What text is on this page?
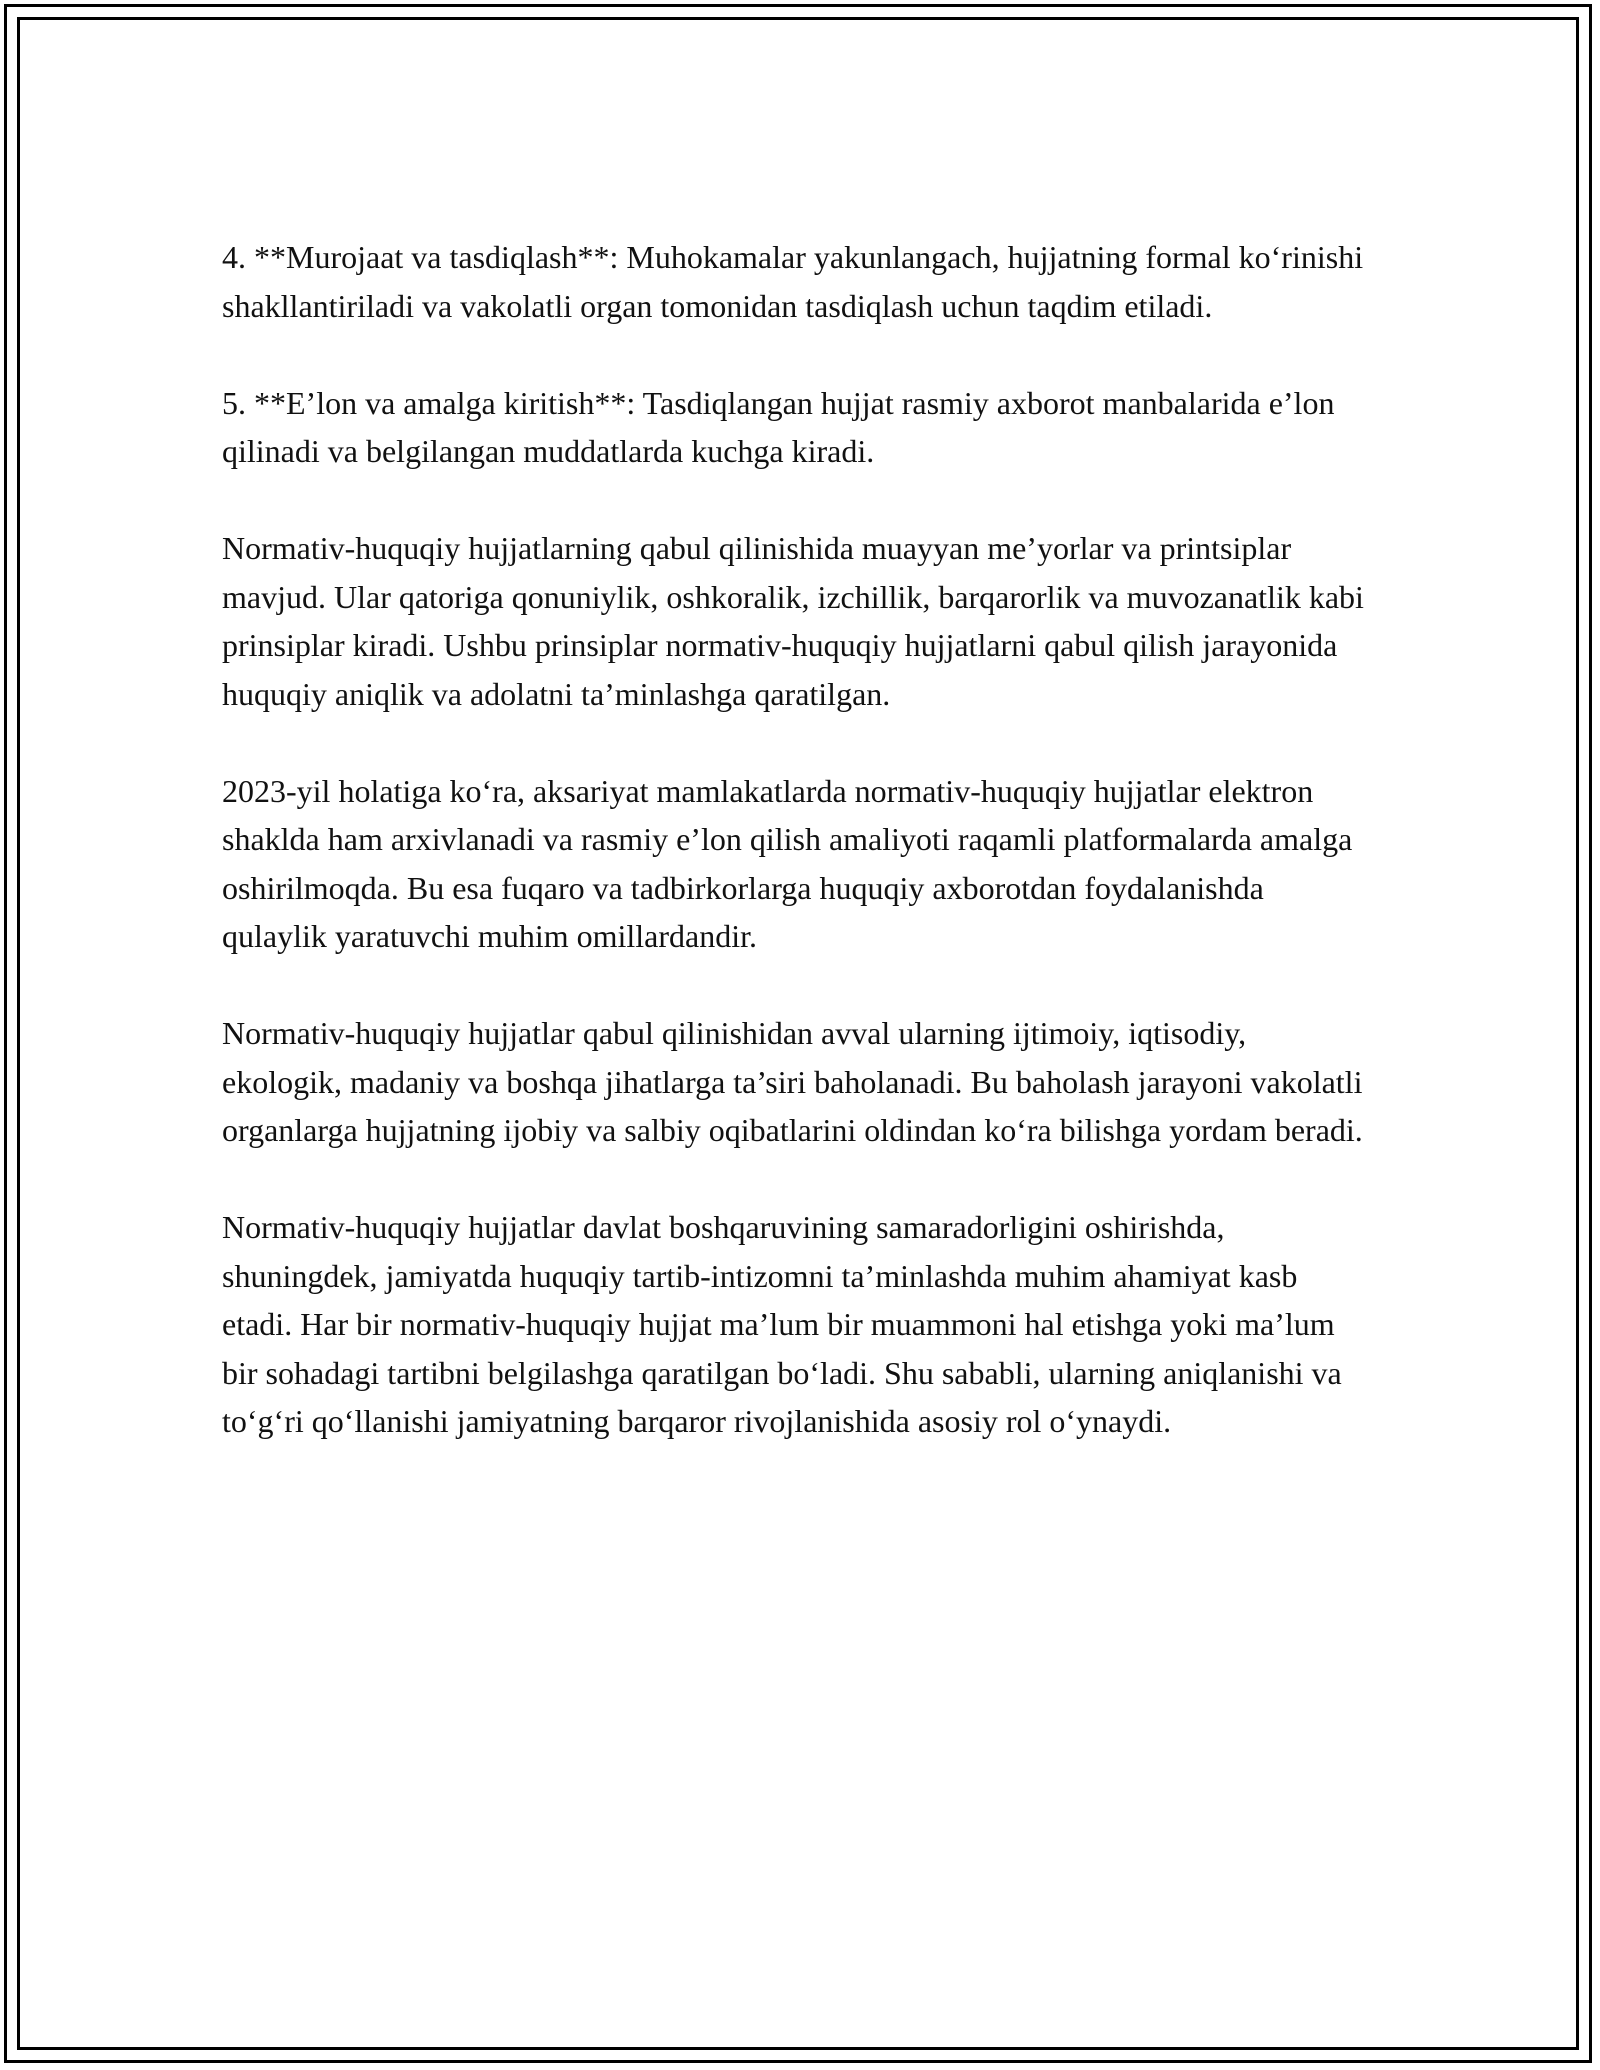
4. **Murojaat va tasdiqlash**: Muhokamalar yakunlangach, hujjatning formal ko‘rinishi shakllantiriladi va vakolatli organ tomonidan tasdiqlash uchun taqdim etiladi.

5. **E’lon va amalga kiritish**: Tasdiqlangan hujjat rasmiy axborot manbalarida e’lon qilinadi va belgilangan muddatlarda kuchga kiradi.

Normativ-huquqiy hujjatlarning qabul qilinishida muayyan me’yorlar va printsiplar mavjud. Ular qatoriga qonuniylik, oshkoralik, izchillik, barqarorlik va muvozanatlik kabi prinsiplar kiradi. Ushbu prinsiplar normativ-huquqiy hujjatlarni qabul qilish jarayonida huquqiy aniqlik va adolatni ta’minlashga qaratilgan.

2023-yil holatiga ko‘ra, aksariyat mamlakatlarda normativ-huquqiy hujjatlar elektron shaklda ham arxivlanadi va rasmiy e’lon qilish amaliyoti raqamli platformalarda amalga oshirilmoqda. Bu esa fuqaro va tadbirkorlarga huquqiy axborotdan foydalanishda qulaylik yaratuvchi muhim omillardandir.

Normativ-huquqiy hujjatlar qabul qilinishidan avval ularning ijtimoiy, iqtisodiy, ekologik, madaniy va boshqa jihatlarga ta’siri baholanadi. Bu baholash jarayoni vakolatli organlarga hujjatning ijobiy va salbiy oqibatlarini oldindan ko‘ra bilishga yordam beradi.

Normativ-huquqiy hujjatlar davlat boshqaruvining samaradorligini oshirishda, shuningdek, jamiyatda huquqiy tartib-intizomni ta’minlashda muhim ahamiyat kasb etadi. Har bir normativ-huquqiy hujjat ma’lum bir muammoni hal etishga yoki ma’lum bir sohadagi tartibni belgilashga qaratilgan bo‘ladi. Shu sababli, ularning aniqlanishi va to‘g‘ri qo‘llanishi jamiyatning barqaror rivojlanishida asosiy rol o‘ynaydi.
